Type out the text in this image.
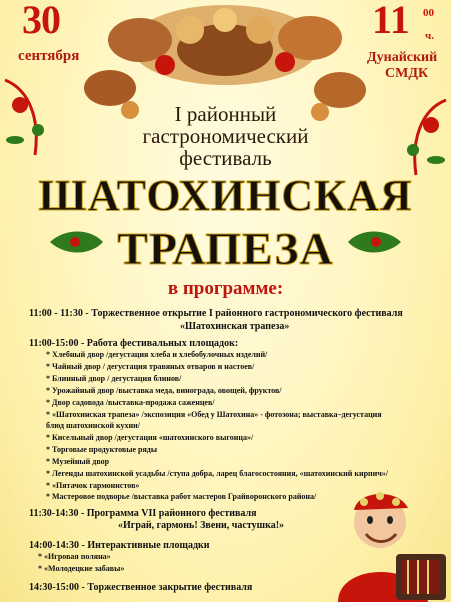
30
сентября
11 00
ч.
Дунайский
СМДК
I районный
гастрономический
фестиваль
ШАТОХИНСКАЯ
ТРАПЕЗА
в программе:
11:00 - 11:30 - Торжественное открытие I районного гастрономического фестиваля
«Шатохинская трапеза»
11:00-15:00 - Работа фестивальных площадок:
* Хлебный двор /дегустация хлеба и хлебобулочных изделий/
* Чайный двор / дегустация травяных отваров и настоев/
* Блинный двор / дегустация блинов/
* Урожайный двор /выставка меда, винограда, овощей, фруктов/
* Двор садовода /выставка-продажа саженцев/
* «Шатохинская трапеза» /экспозиция «Обед у Шатохина» - фотозона; выставка–дегустация
блюд шатохинской кухни/
* Кисельный двор /дегустация «шатохинского выгонца»/
* Торговые продуктовые ряды
* Музейный двор
* Легенды шатохинской усадьбы /ступа добра, ларец благосостояния, «шатохинский кирпич»/
* «Пятачок гармонистов»
* Мастеровое подворье /выставка работ мастеров Грайворонского района/
11:30-14:30 - Программа VII районного фестиваля
«Играй, гармонь! Звени, частушка!»
14:00-14:30 - Интерактивные площадки
* «Игровая поляна»
* «Молодецкие забавы»
14:30-15:00 - Торжественное закрытие фестиваля
